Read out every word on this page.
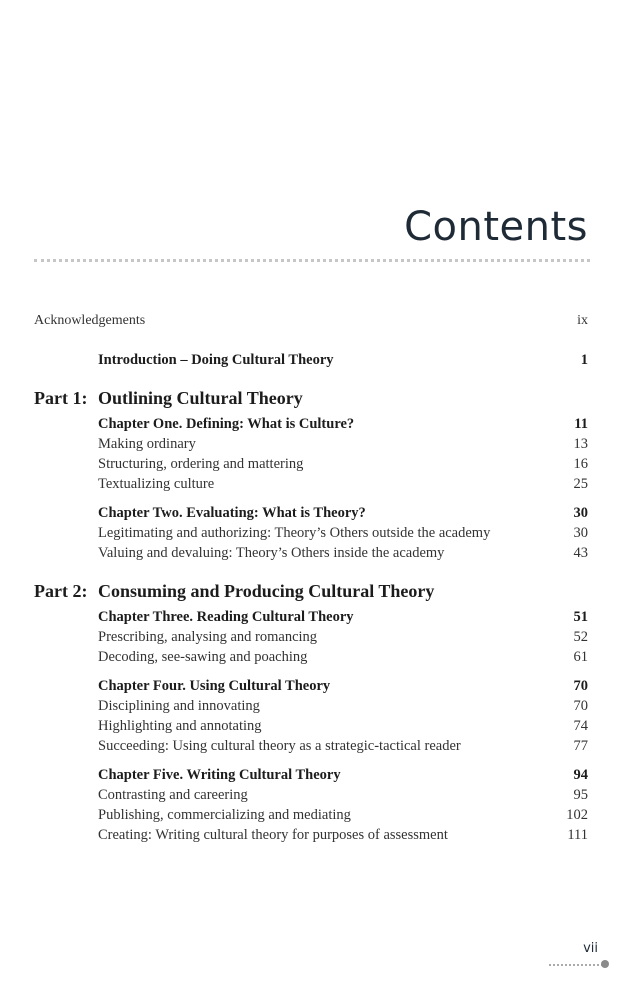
Contents
Acknowledgements	ix
Introduction – Doing Cultural Theory	1
Part 1: Outlining Cultural Theory
Chapter One. Defining: What is Culture?	11
Making ordinary	13
Structuring, ordering and mattering	16
Textualizing culture	25
Chapter Two. Evaluating: What is Theory?	30
Legitimating and authorizing: Theory’s Others outside the academy	30
Valuing and devaluing: Theory’s Others inside the academy	43
Part 2: Consuming and Producing Cultural Theory
Chapter Three. Reading Cultural Theory	51
Prescribing, analysing and romancing	52
Decoding, see-sawing and poaching	61
Chapter Four. Using Cultural Theory	70
Disciplining and innovating	70
Highlighting and annotating	74
Succeeding: Using cultural theory as a strategic-tactical reader	77
Chapter Five. Writing Cultural Theory	94
Contrasting and careering	95
Publishing, commercializing and mediating	102
Creating: Writing cultural theory for purposes of assessment	111
vii
